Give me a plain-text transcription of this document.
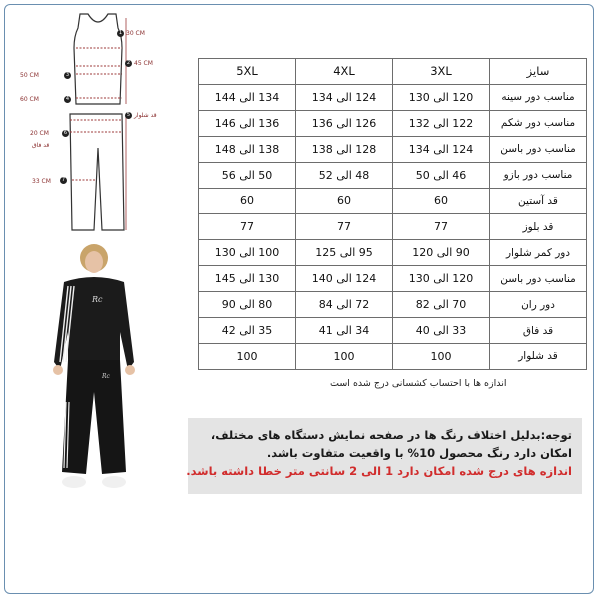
1 30 CM
2 45 CM
50 CM	3
60 CM	4
5 قد شلوار
20 CM	6
قد فاق
33 CM	7
Rc
Rc
5XL	4XL	3XL	سایز
134 الی 144	124 الی 134	120 الی 130	مناسب دور سینه
136 الی 146	126 الی 136	122 الی 132	مناسب دور شکم
138 الی 148	128 الی 138	124 الی 134	مناسب دور باسن
50 الی 56	48 الی 52	46 الی 50	مناسب دور بازو
60	60	60	قد آستین
77	77	77	قد بلوز
100 الی 130	95 الی 125	90 الی 120	دور کمر شلوار
130 الی 145	124 الی 140	120 الی 130	مناسب دور باسن
80 الی 90	72 الی 84	70 الی 82	دور ران
35 الی 42	34 الی 41	33 الی 40	قد فاق
100	100	100	قد شلوار
اندازه ها با احتساب کشسانی درج شده است
توجه:بدلیل اختلاف رنگ ها در صفحه نمایش دستگاه های مختلف،
امکان دارد رنگ محصول 10% با واقعیت متفاوت باشد.
اندازه های درج شده امکان دارد 1 الی 2 سانتی متر خطا داشته باشد.
